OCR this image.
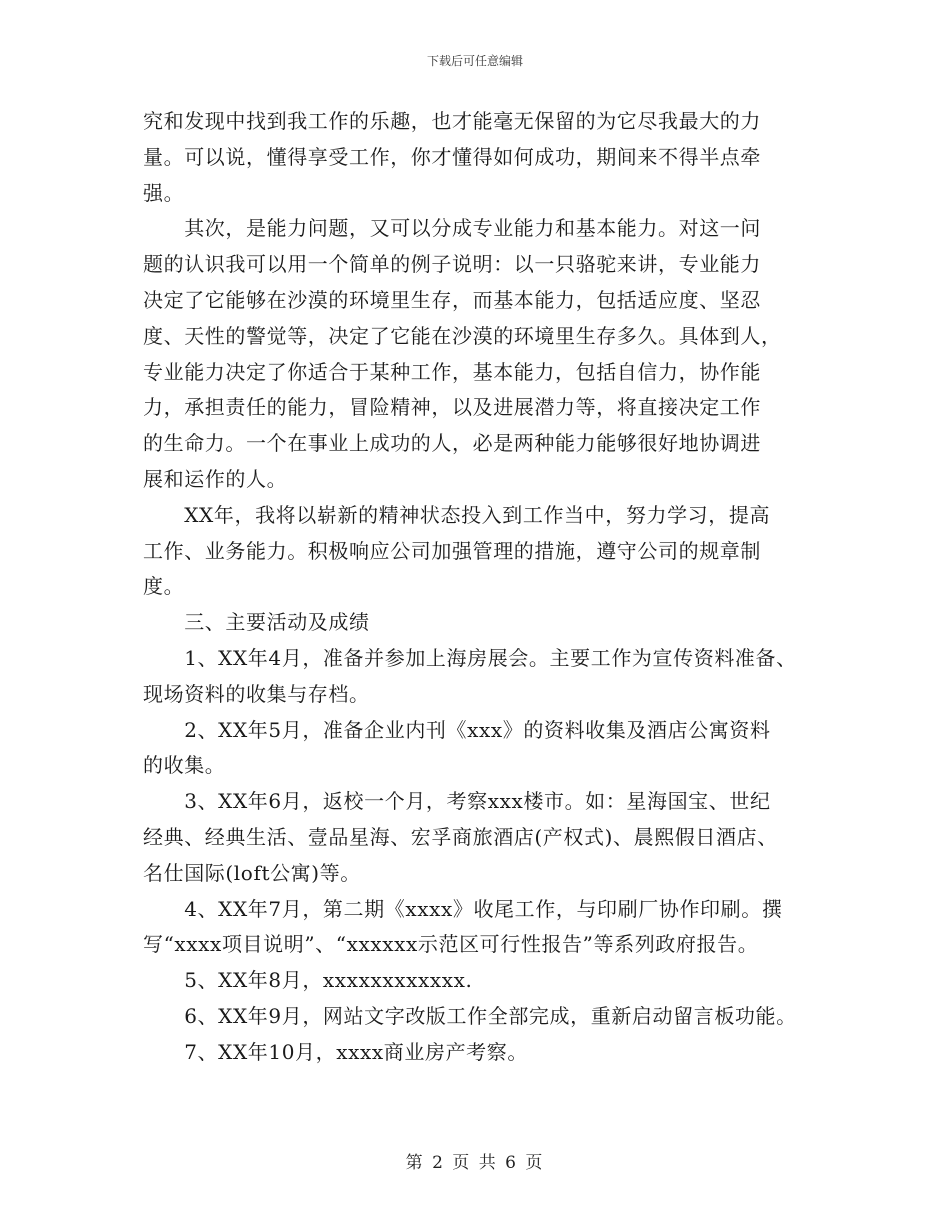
下载后可任意编辑
究和发现中找到我工作的乐趣，也才能毫无保留的为它尽我最大的力
量。可以说，懂得享受工作，你才懂得如何成功，期间来不得半点牵
强。
　　其次，是能力问题，又可以分成专业能力和基本能力。对这一问
题的认识我可以用一个简单的例子说明：以一只骆驼来讲，专业能力
决定了它能够在沙漠的环境里生存，而基本能力，包括适应度、坚忍
度、天性的警觉等，决定了它能在沙漠的环境里生存多久。具体到人，
专业能力决定了你适合于某种工作，基本能力，包括自信力，协作能
力，承担责任的能力，冒险精神，以及进展潜力等，将直接决定工作
的生命力。一个在事业上成功的人，必是两种能力能够很好地协调进
展和运作的人。
　　XX年，我将以崭新的精神状态投入到工作当中，努力学习，提高
工作、业务能力。积极响应公司加强管理的措施，遵守公司的规章制
度。
　　三、主要活动及成绩
　　1、XX年4月，准备并参加上海房展会。主要工作为宣传资料准备、
现场资料的收集与存档。
　　2、XX年5月，准备企业内刊《xxx》的资料收集及酒店公寓资料
的收集。
　　3、XX年6月，返校一个月，考察xxx楼市。如：星海国宝、世纪
经典、经典生活、壹品星海、宏孚商旅酒店(产权式)、晨熙假日酒店、
名仕国际(loft公寓)等。
　　4、XX年7月，第二期《xxxx》收尾工作，与印刷厂协作印刷。撰
写“xxxx项目说明”、“xxxxxx示范区可行性报告”等系列政府报告。
　　5、XX年8月，xxxxxxxxxxxx.
　　6、XX年9月，网站文字改版工作全部完成，重新启动留言板功能。
　　7、XX年10月，xxxx商业房产考察。
第 2 页 共 6 页
